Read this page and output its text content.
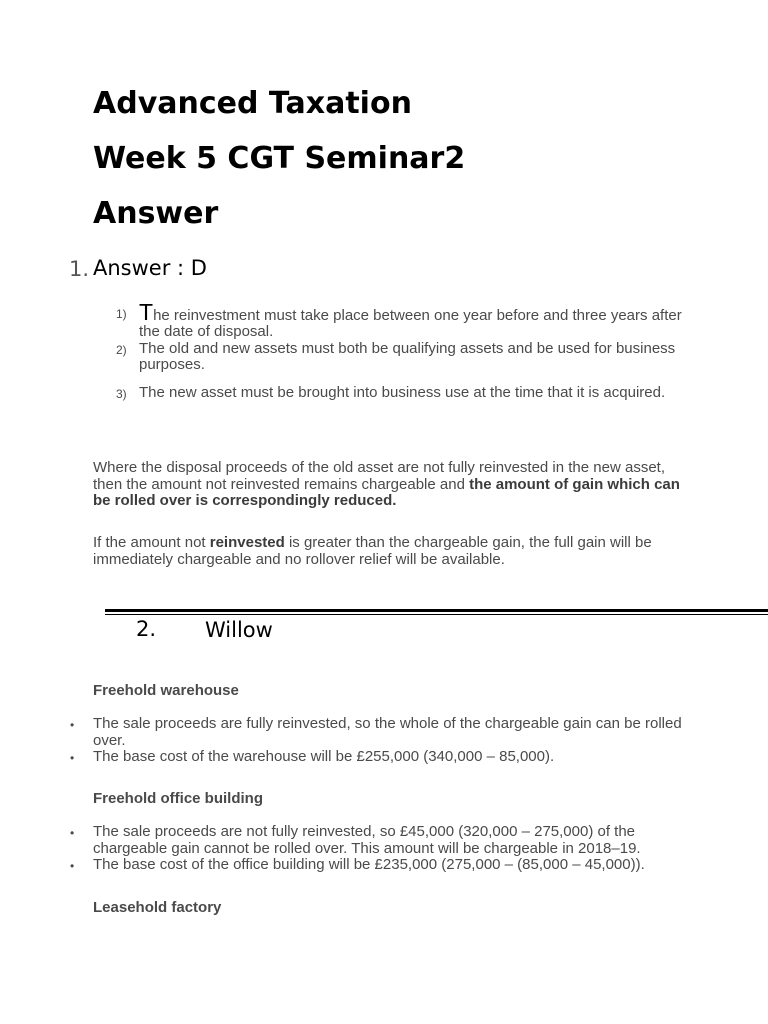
Advanced Taxation
Week 5 CGT Seminar2
Answer
1. Answer : D
1) The reinvestment must take place between one year before and three years after the date of disposal.
2) The old and new assets must both be qualifying assets and be used for business purposes.
3) The new asset must be brought into business use at the time that it is acquired.
Where the disposal proceeds of the old asset are not fully reinvested in the new asset, then the amount not reinvested remains chargeable and the amount of gain which can be rolled over is correspondingly reduced.
If the amount not reinvested is greater than the chargeable gain, the full gain will be immediately chargeable and no rollover relief will be available.
2. Willow
Freehold warehouse
• The sale proceeds are fully reinvested, so the whole of the chargeable gain can be rolled over.
• The base cost of the warehouse will be £255,000 (340,000 – 85,000).
Freehold office building
• The sale proceeds are not fully reinvested, so £45,000 (320,000 – 275,000) of the chargeable gain cannot be rolled over. This amount will be chargeable in 2018–19.
• The base cost of the office building will be £235,000 (275,000 – (85,000 – 45,000)).
Leasehold factory
